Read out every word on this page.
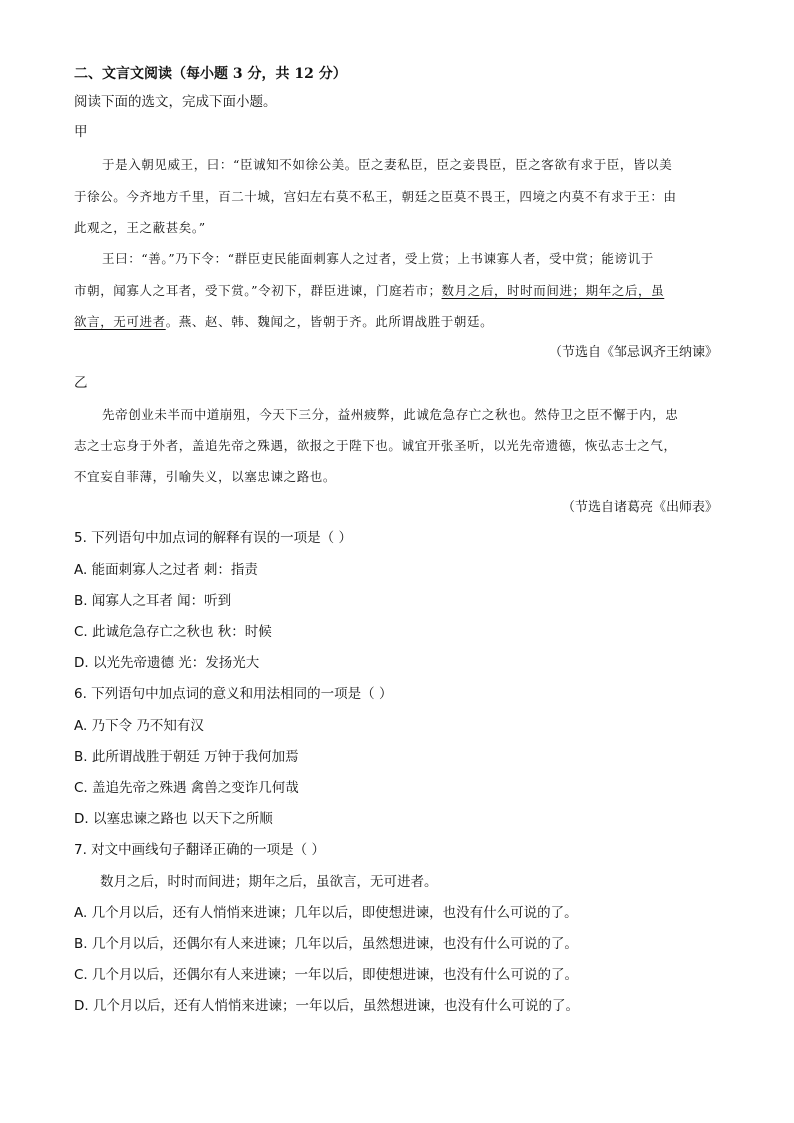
二、文言文阅读（每小题 3 分，共 12 分）
阅读下面的选文，完成下面小题。
甲
于是入朝见威王，曰：“臣诚知不如徐公美。臣之妻私臣，臣之妾畏臣，臣之客欲有求于臣，皆以美
于徐公。今齐地方千里，百二十城，宫妇左右莫不私王，朝廷之臣莫不畏王，四境之内莫不有求于王：由
此观之，王之蔽甚矣。”
王曰：“善。”乃下令：“群臣吏民能面刺寡人之过者，受上赏；上书谏寡人者，受中赏；能谤讥于
市朝，闻寡人之耳者，受下赏。”令初下，群臣进谏，门庭若市；数月之后，时时而间进；期年之后，虽
欲言，无可进者。燕、赵、韩、魏闻之，皆朝于齐。此所谓战胜于朝廷。
（节选自《邹忌讽齐王纳谏》
乙
先帝创业未半而中道崩殂，今天下三分，益州疲弊，此诚危急存亡之秋也。然侍卫之臣不懈于内，忠
志之士忘身于外者，盖追先帝之殊遇，欲报之于陛下也。诚宜开张圣听，以光先帝遗德，恢弘志士之气，
不宜妄自菲薄，引喻失义，以塞忠谏之路也。
（节选自诸葛亮《出师表》
5. 下列语句中加点词的解释有误的一项是（ ）
A. 能面刺寡人之过者 刺：指责
B. 闻寡人之耳者 闻：听到
C. 此诚危急存亡之秋也 秋：时候
D. 以光先帝遗德 光：发扬光大
6. 下列语句中加点词的意义和用法相同的一项是（ ）
A. 乃下令 乃不知有汉
B. 此所谓战胜于朝廷 万钟于我何加焉
C. 盖追先帝之殊遇 禽兽之变诈几何哉
D. 以塞忠谏之路也 以天下之所顺
7. 对文中画线句子翻译正确的一项是（ ）
数月之后，时时而间进；期年之后，虽欲言，无可进者。
A. 几个月以后，还有人悄悄来进谏；几年以后，即使想进谏，也没有什么可说的了。
B. 几个月以后，还偶尔有人来进谏；几年以后，虽然想进谏，也没有什么可说的了。
C. 几个月以后，还偶尔有人来进谏；一年以后，即使想进谏，也没有什么可说的了。
D. 几个月以后，还有人悄悄来进谏；一年以后，虽然想进谏，也没有什么可说的了。
